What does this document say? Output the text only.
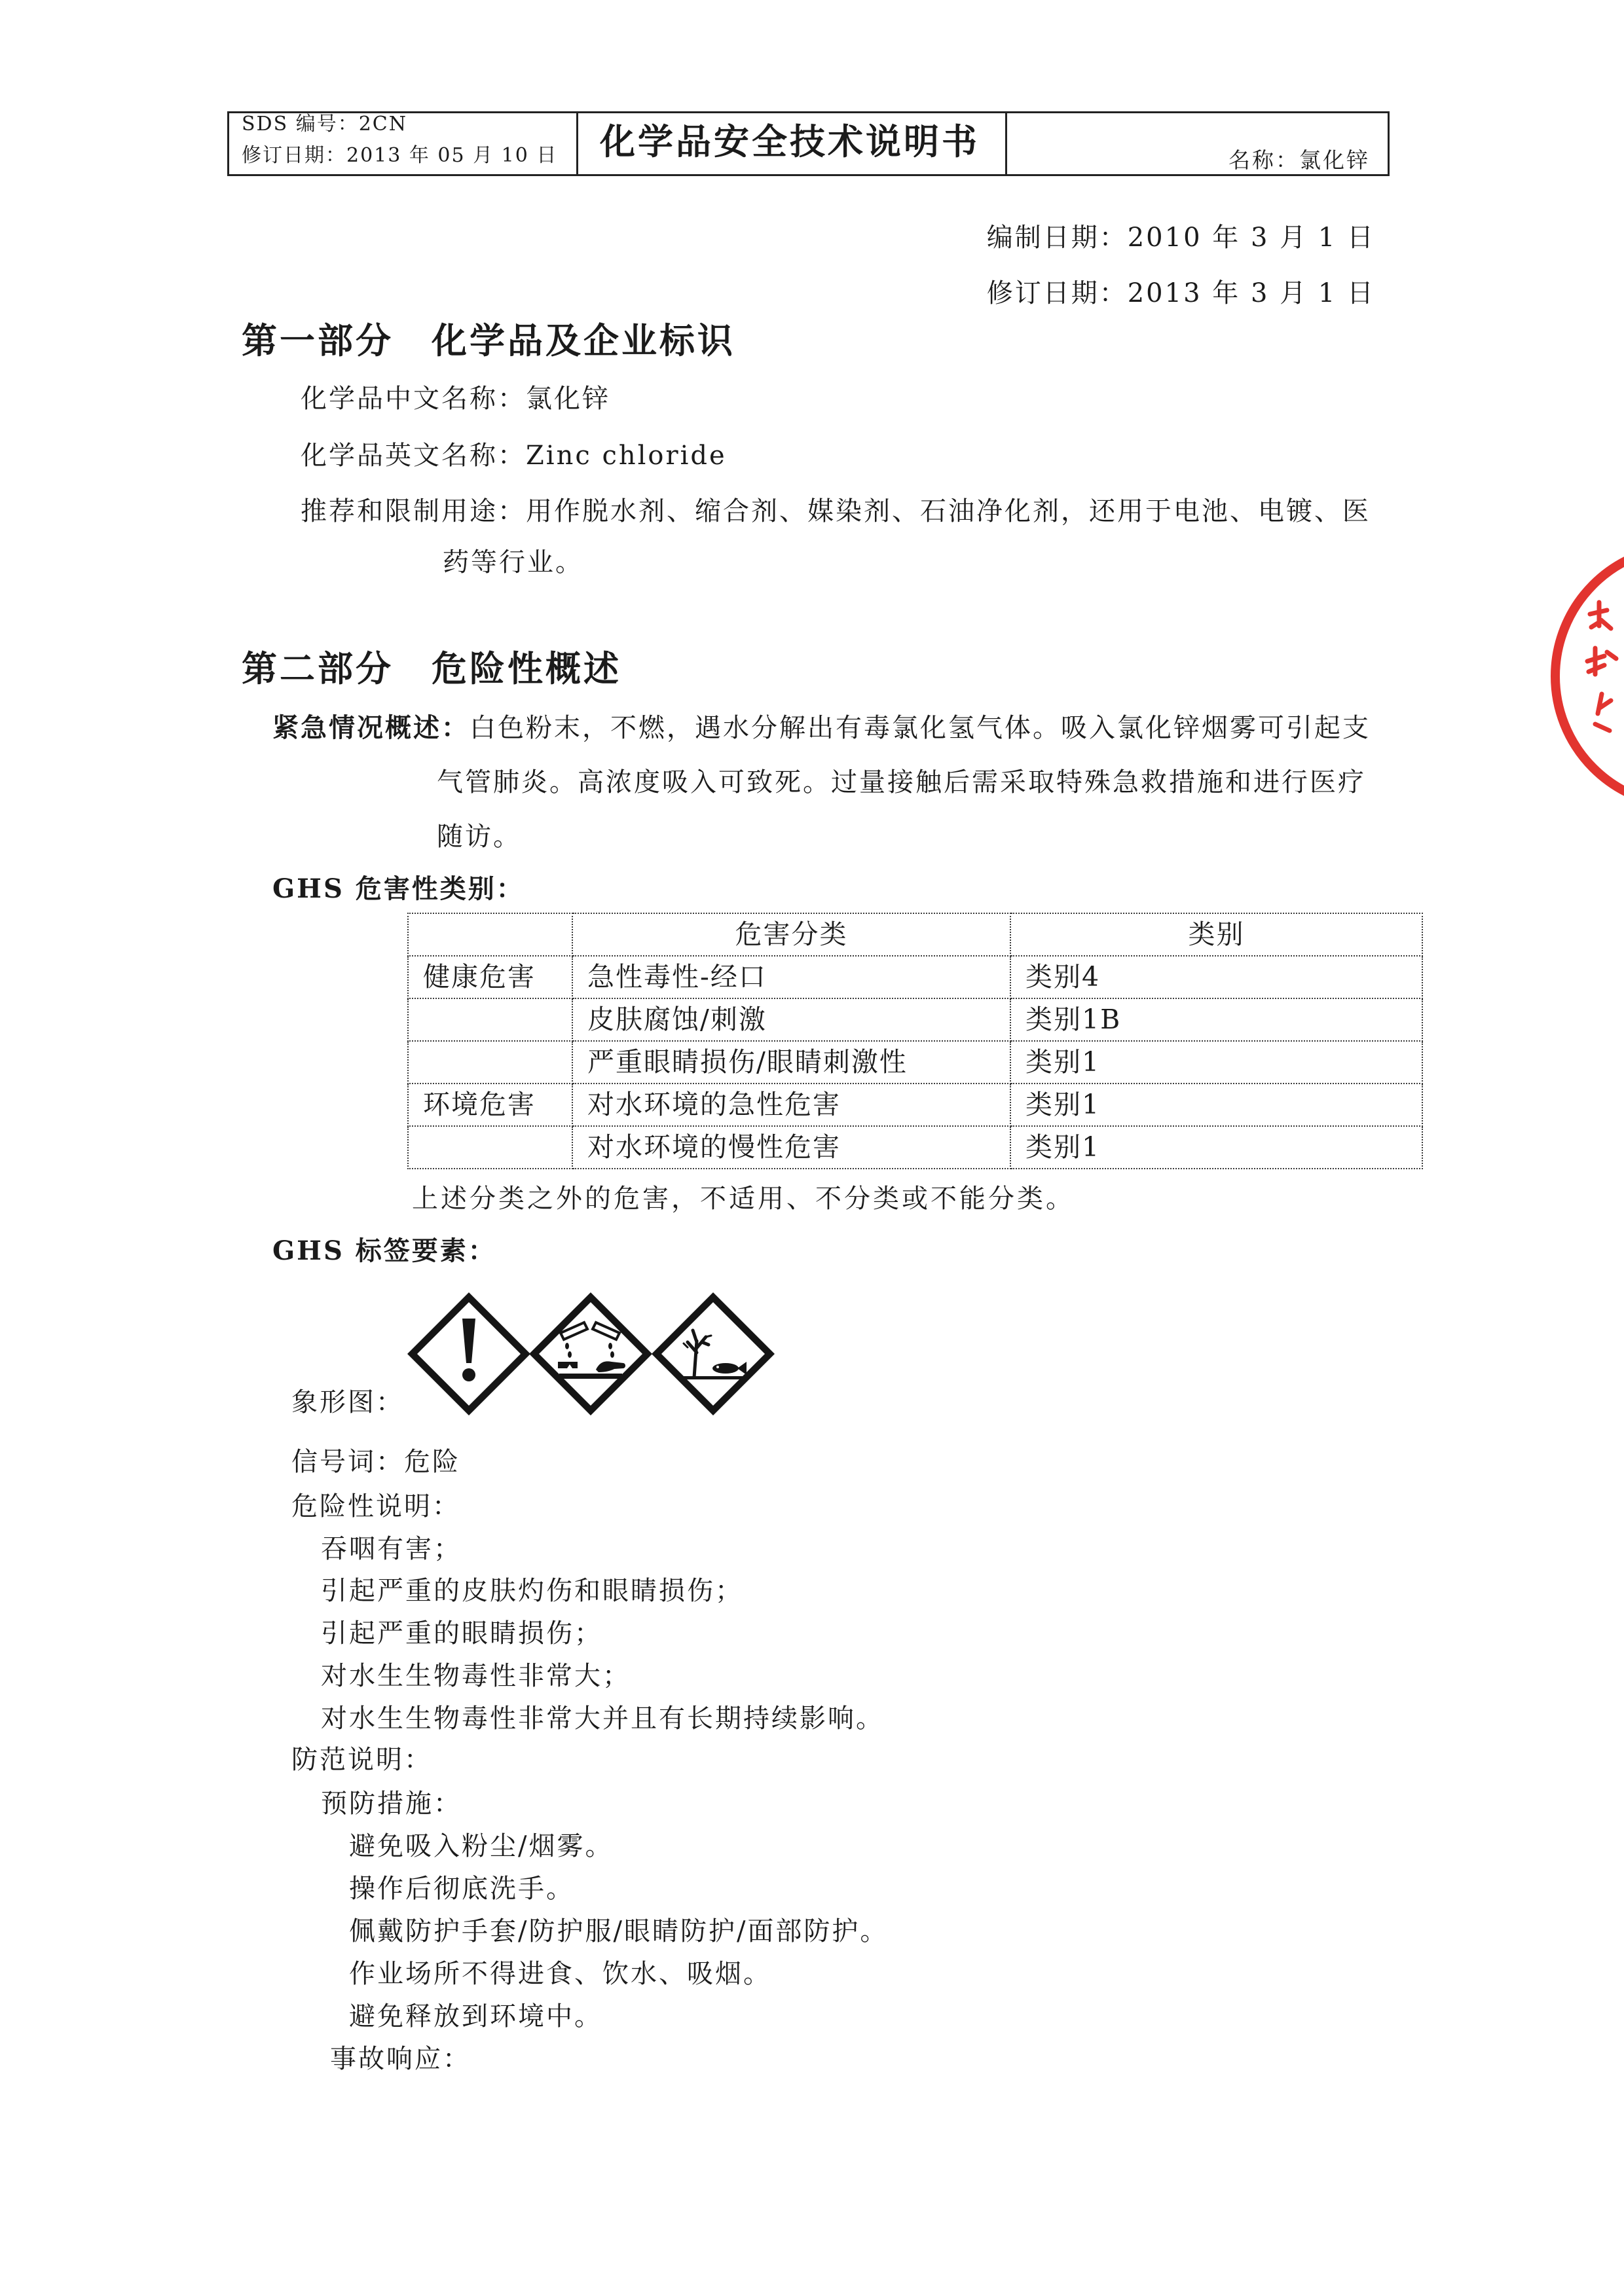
SDS 编号：2CN
修订日期：2013 年 05 月 10 日 化学品安全技术说明书	名称：氯化锌
编制日期：2010 年 3 月 1 日
修订日期：2013 年 3 月 1 日
第一部分　化学品及企业标识
化学品中文名称：氯化锌
化学品英文名称：Zinc chloride
推荐和限制用途：用作脱水剂、缩合剂、媒染剂、石油净化剂，还用于电池、电镀、医
药等行业。
第二部分　危险性概述
紧急情况概述：白色粉末，不燃，遇水分解出有毒氯化氢气体。吸入氯化锌烟雾可引起支
气管肺炎。高浓度吸入可致死。过量接触后需采取特殊急救措施和进行医疗
随访。
GHS 危害性类别：
	危害分类	类别
健康危害	急性毒性-经口	类别4
	皮肤腐蚀/刺激	类别1B
	严重眼睛损伤/眼睛刺激性	类别1
环境危害	对水环境的急性危害	类别1
	对水环境的慢性危害	类别1
上述分类之外的危害，不适用、不分类或不能分类。
GHS 标签要素：
象形图：
信号词：危险
危险性说明：
吞咽有害；
引起严重的皮肤灼伤和眼睛损伤；
引起严重的眼睛损伤；
对水生生物毒性非常大；
对水生生物毒性非常大并且有长期持续影响。
防范说明：
预防措施：
避免吸入粉尘/烟雾。
操作后彻底洗手。
佩戴防护手套/防护服/眼睛防护/面部防护。
作业场所不得进食、饮水、吸烟。
避免释放到环境中。
事故响应：
